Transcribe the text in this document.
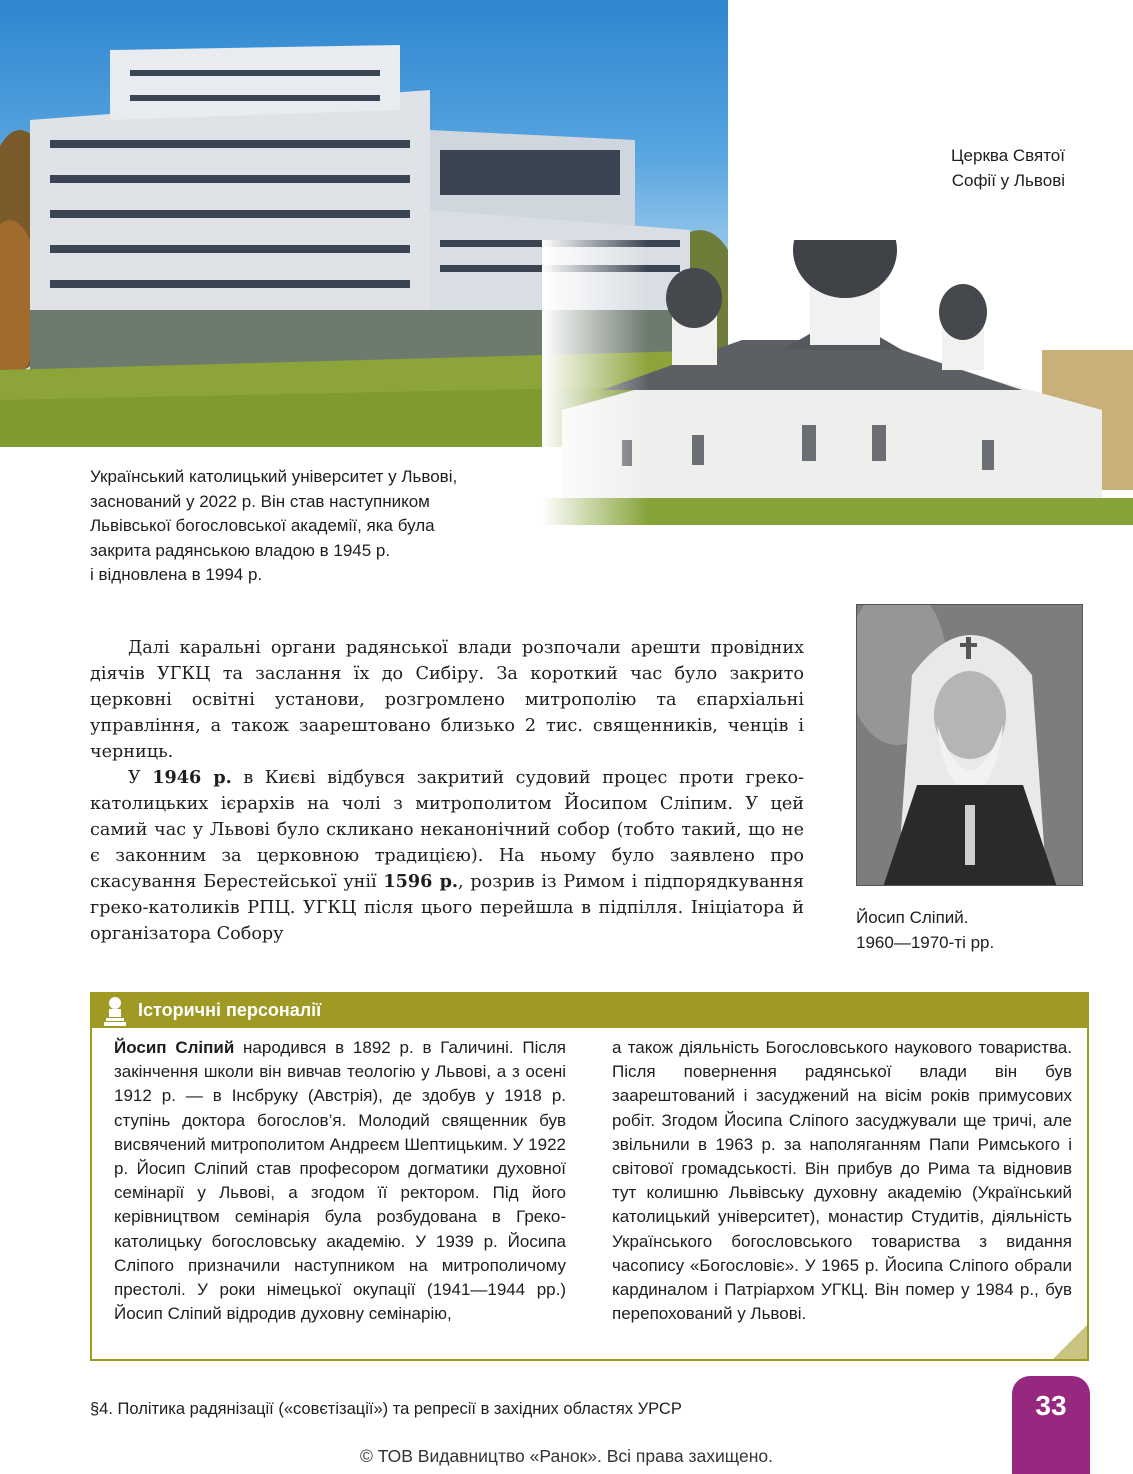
Церква Святої
Софії у Львові
Український католицький університет у Львові,
заснований у 2022 р. Він став наступником
Львівської богословської академії, яка була
закрита радянською владою в 1945 р.
і відновлена в 1994 р.
Йосип Сліпий.
1960—1970-ті рр.

Далі каральні органи радянської влади розпочали арешти провідних діячів УГКЦ та заслання їх до Сибіру. За короткий час було закрито церковні освітні установи, розгромлено митрополію та єпархіальні управління, а також заарештовано близько 2 тис. священників, ченців і черниць.

У 1946 р. в Києві відбувся закритий судовий процес проти греко-католицьких ієрархів на чолі з митрополитом Йосипом Сліпим. У цей самий час у Львові було скликано неканонічний собор (тобто такий, що не є законним за церковною традицією). На ньому було заявлено про скасування Берестейської унії 1596 р., розрив із Римом і підпорядкування греко-католиків РПЦ. УГКЦ після цього перейшла в підпілля. Ініціатора й організатора Собору

Історичні персоналії
Йосип Сліпий народився в 1892 р. в Галичині. Після закінчення школи він вивчав теологію у Львові, а з осені 1912 р. — в Інсбруку (Австрія), де здобув у 1918 р. ступінь доктора богослов’я. Молодий священник був висвячений митрополитом Андреєм Шептицьким. У 1922 р. Йосип Сліпий став професором догматики духовної семінарії у Львові, а згодом її ректором. Під його керівництвом семінарія була розбудована в Греко-католицьку богословську академію. У 1939 р. Йосипа Сліпого призначили наступником на митрополичому престолі. У роки німецької окупації (1941—1944 рр.) Йосип Сліпий відродив духовну семінарію,
а також діяльність Богословського наукового товариства. Після повернення радянської влади він був заарештований і засуджений на вісім років примусових робіт. Згодом Йосипа Сліпого засуджували ще тричі, але звільнили в 1963 р. за наполяганням Папи Римського і світової громадськості. Він прибув до Рима та відновив тут колишню Львівську духовну академію (Український католицький університет), монастир Студитів, діяльність Українського богословського товариства з видання часопису «Богословіє». У 1965 р. Йосипа Сліпого обрали кардиналом і Патріархом УГКЦ. Він помер у 1984 р., був перепохований у Львові.
§4. Політика радянізації («совєтізації») та репресії в західних областях УРСР	33
© ТОВ Видавництво «Ранок». Всі права захищено.
